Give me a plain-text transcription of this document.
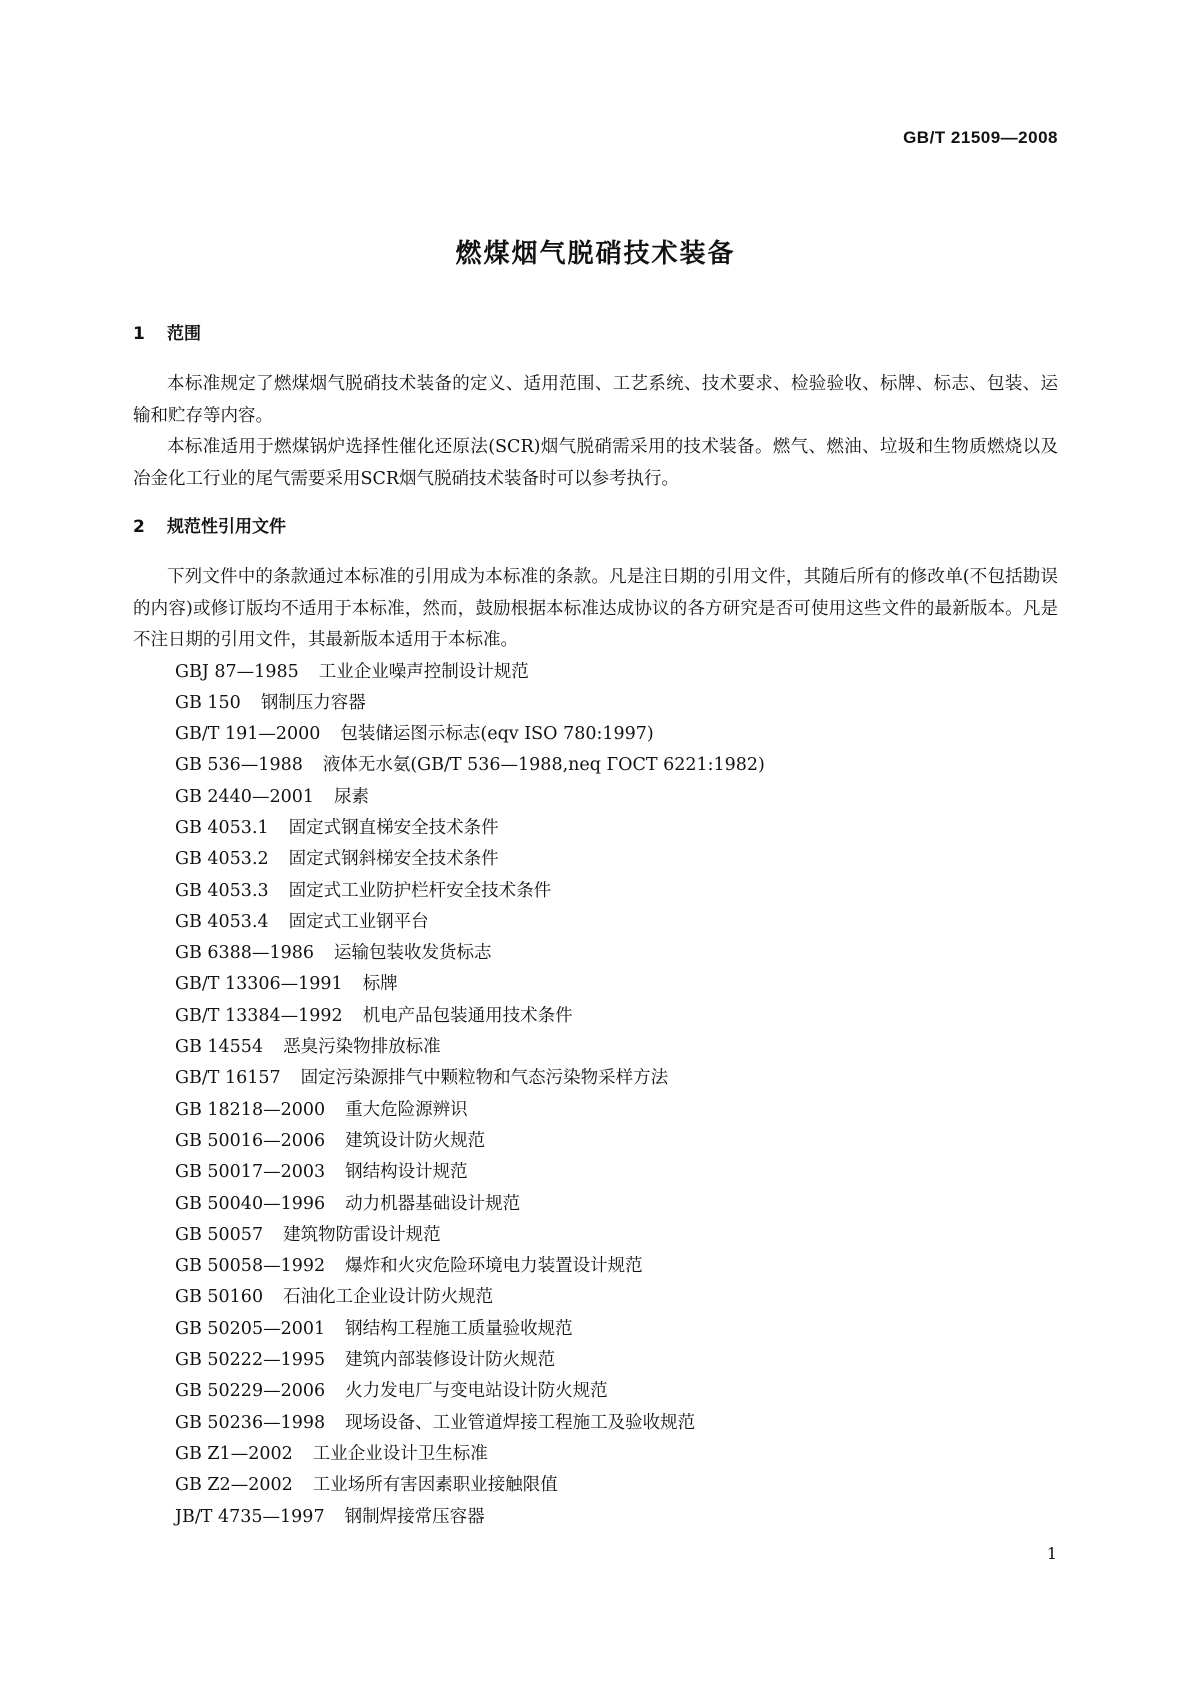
GB/T 21509—2008
燃煤烟气脱硝技术装备
1 范围

本标准规定了燃煤烟气脱硝技术装备的定义、适用范围、工艺系统、技术要求、检验验收、标牌、标志、包装、运输和贮存等内容。

本标准适用于燃煤锅炉选择性催化还原法(SCR)烟气脱硝需采用的技术装备。燃气、燃油、垃圾和生物质燃烧以及冶金化工行业的尾气需要采用SCR烟气脱硝技术装备时可以参考执行。

2 规范性引用文件

下列文件中的条款通过本标准的引用成为本标准的条款。凡是注日期的引用文件，其随后所有的修改单(不包括勘误的内容)或修订版均不适用于本标准，然而，鼓励根据本标准达成协议的各方研究是否可使用这些文件的最新版本。凡是不注日期的引用文件，其最新版本适用于本标准。

GBJ 87—1985 工业企业噪声控制设计规范
GB 150 钢制压力容器
GB/T 191—2000 包装储运图示标志(eqv ISO 780:1997)
GB 536—1988 液体无水氨(GB/T 536—1988,neq ГОСТ 6221:1982)
GB 2440—2001 尿素
GB 4053.1 固定式钢直梯安全技术条件
GB 4053.2 固定式钢斜梯安全技术条件
GB 4053.3 固定式工业防护栏杆安全技术条件
GB 4053.4 固定式工业钢平台
GB 6388—1986 运输包装收发货标志
GB/T 13306—1991 标牌
GB/T 13384—1992 机电产品包装通用技术条件
GB 14554 恶臭污染物排放标准
GB/T 16157 固定污染源排气中颗粒物和气态污染物采样方法
GB 18218—2000 重大危险源辨识
GB 50016—2006 建筑设计防火规范
GB 50017—2003 钢结构设计规范
GB 50040—1996 动力机器基础设计规范
GB 50057 建筑物防雷设计规范
GB 50058—1992 爆炸和火灾危险环境电力装置设计规范
GB 50160 石油化工企业设计防火规范
GB 50205—2001 钢结构工程施工质量验收规范
GB 50222—1995 建筑内部装修设计防火规范
GB 50229—2006 火力发电厂与变电站设计防火规范
GB 50236—1998 现场设备、工业管道焊接工程施工及验收规范
GB Z1—2002 工业企业设计卫生标准
GB Z2—2002 工业场所有害因素职业接触限值
JB/T 4735—1997 钢制焊接常压容器
1
